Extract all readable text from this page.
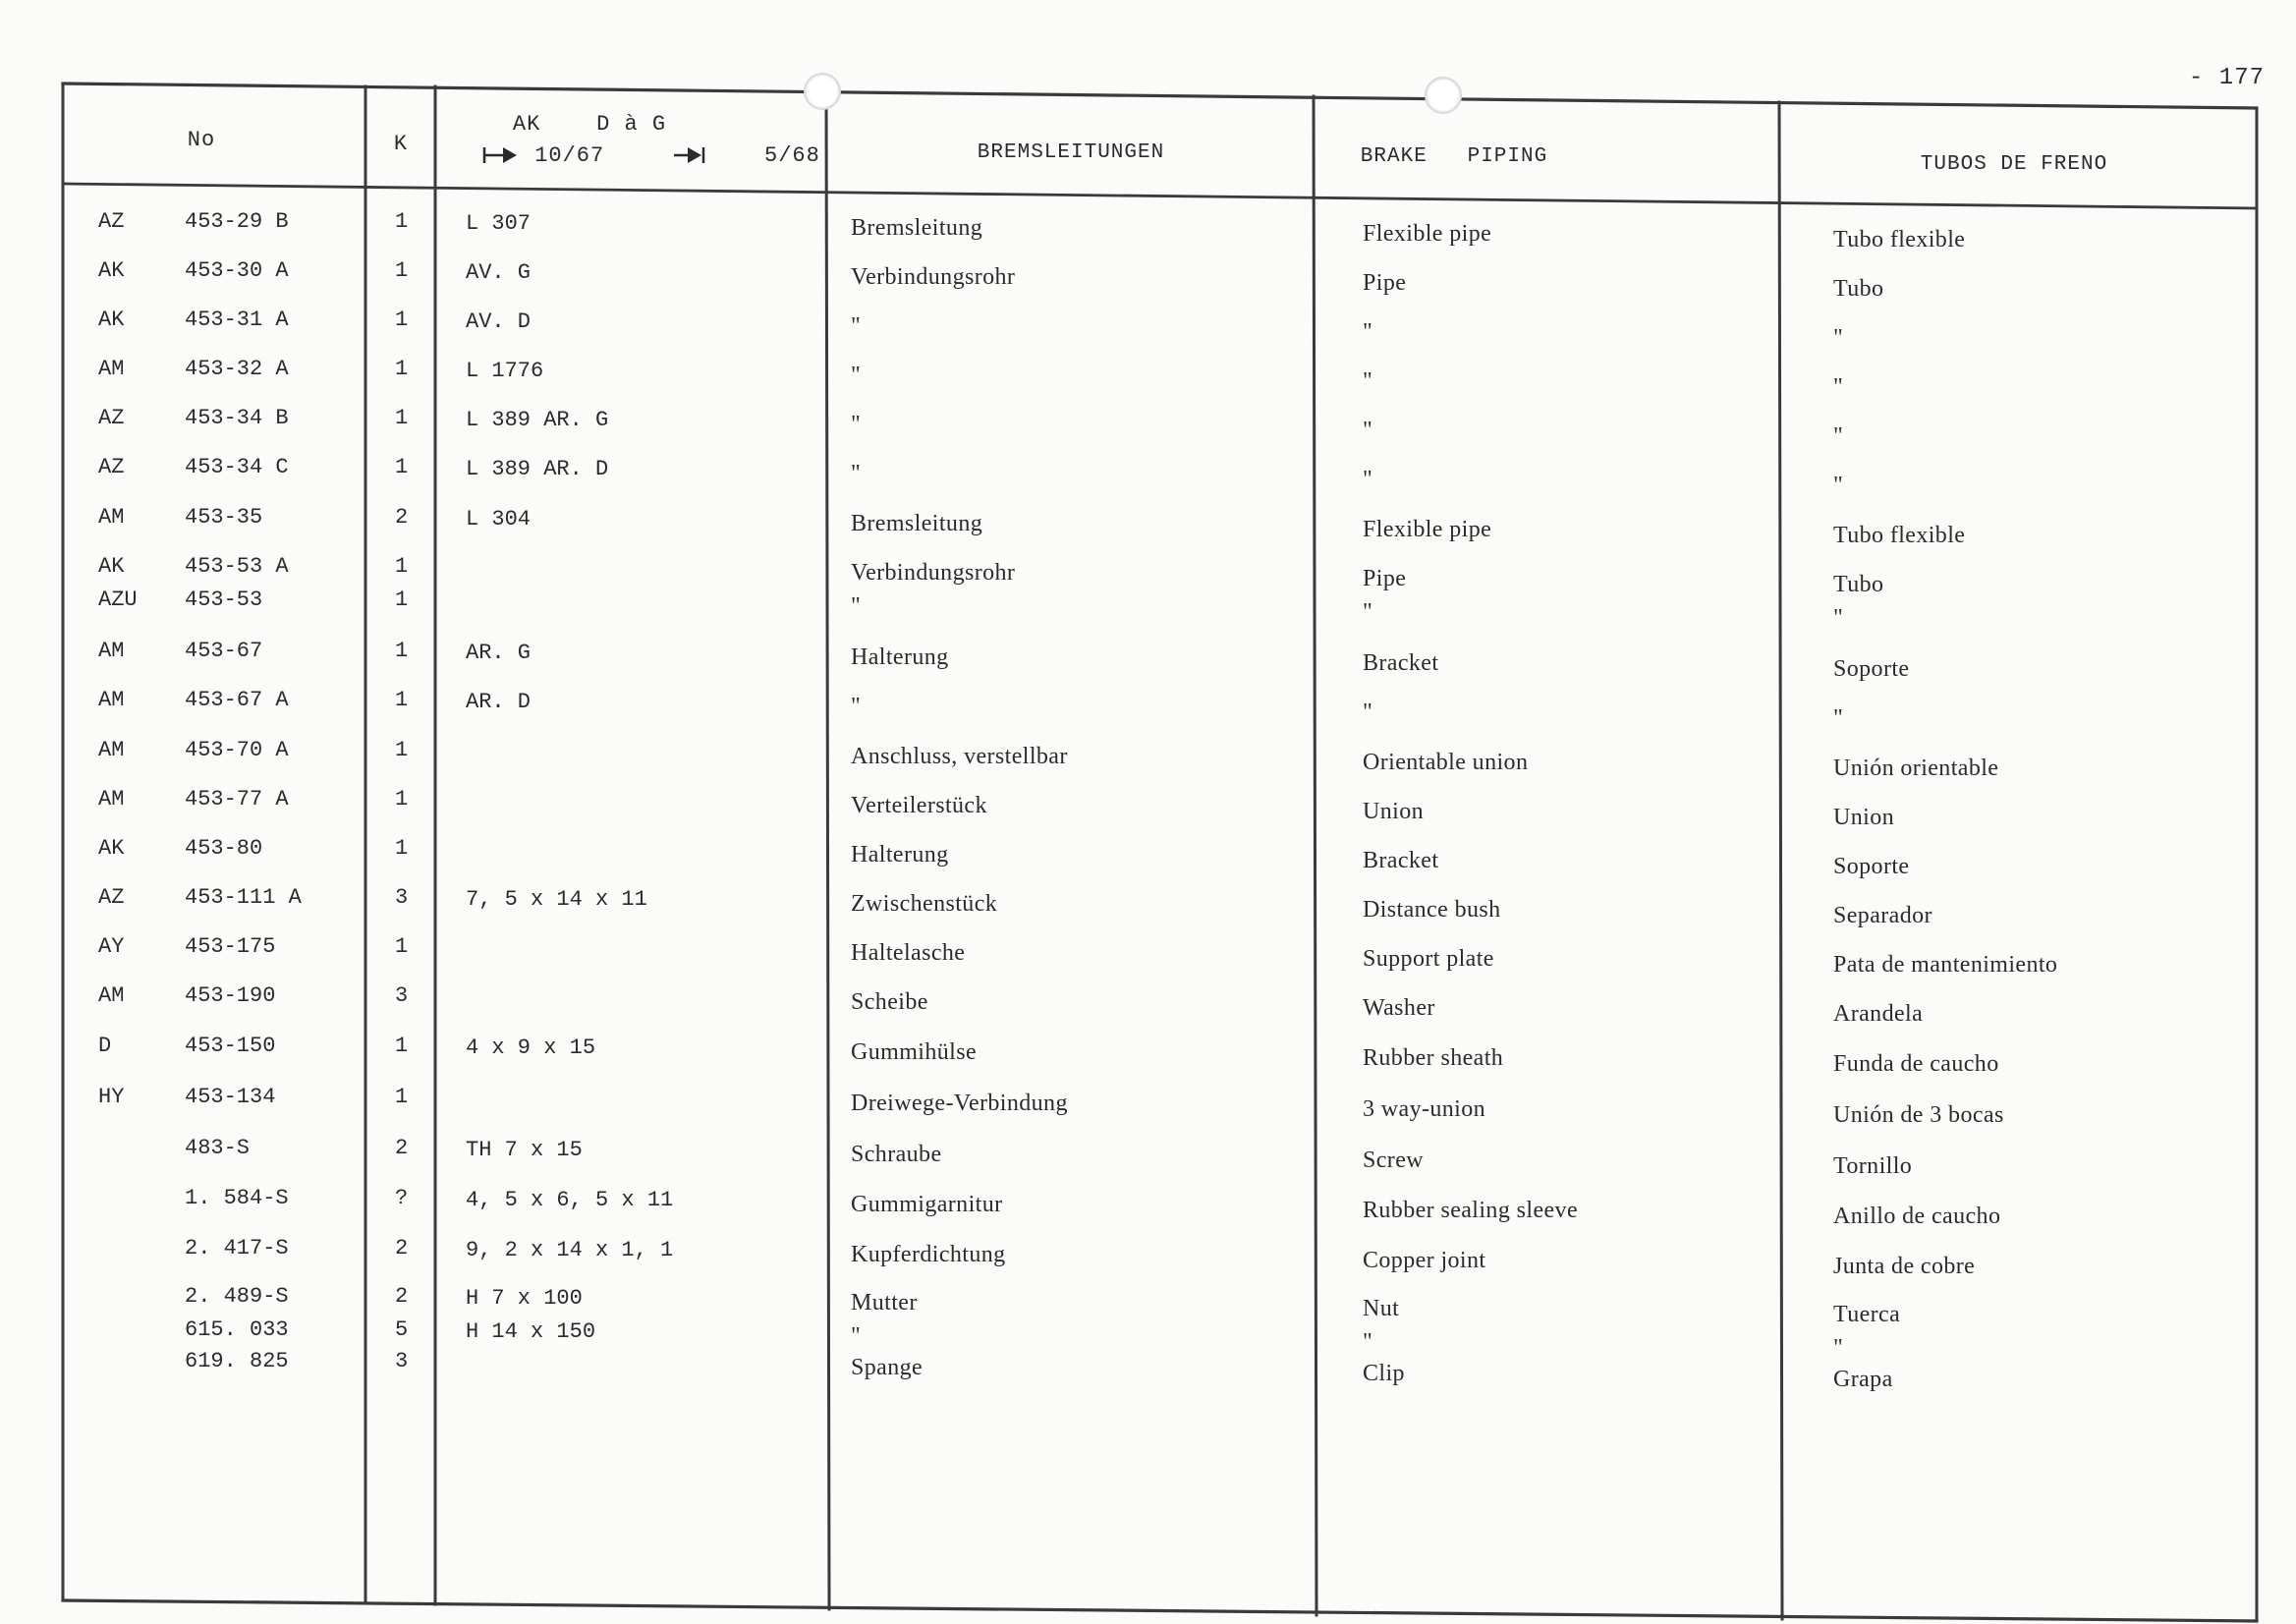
- 177
No	K
AK    D à G
10/67	5/68	BREMSLEITUNGEN	BRAKE   PIPING	TUBOS DE FRENO
AZ	453-29 B	1	L 307	Bremsleitung	Flexible pipe	Tubo flexible
AK	453-30 A	1	AV. G	Verbindungsrohr	Pipe	Tubo
AK	453-31 A	1	AV. D	"	"	"
AM	453-32 A	1	L 1776	"	"	"
AZ	453-34 B	1	L 389 AR. G	"	"	"
AZ	453-34 C	1	L 389 AR. D	"	"	"
AM	453-35	2	L 304	Bremsleitung	Flexible pipe	Tubo flexible
AK	453-53 A	1	Verbindungsrohr	Pipe	Tubo
AZU 453-53	1	"	"	"
AM	453-67	1	AR. G	Halterung	Bracket	Soporte
AM	453-67 A	1	AR. D	"	"	"
AM	453-70 A	1	Anschluss, verstellbar	Orientable union	Unión orientable
AM	453-77 A	1	Verteilerstück	Union	Union
AK	453-80	1	Halterung	Bracket	Soporte
AZ	453-111 A	3	7, 5 x 14 x 11	Zwischenstück	Distance bush	Separador
AY	453-175	1	Haltelasche	Support plate	Pata de mantenimiento
AM	453-190	3	Scheibe	Washer	Arandela
D	453-150	1	4 x 9 x 15	Gummihülse	Rubber sheath	Funda de caucho
HY	453-134	1	Dreiwege-Verbindung	3 way-union	Unión de 3 bocas
483-S	2	TH 7 x 15	Schraube	Screw	Tornillo
1. 584-S	?	4, 5 x 6, 5 x 11	Gummigarnitur	Rubber sealing sleeve	Anillo de caucho
2. 417-S	2	9, 2 x 14 x 1, 1	Kupferdichtung	Copper joint	Junta de cobre
2. 489-S	2	H 7 x 100	Mutter	Nut	Tuerca
615. 033	5	H 14 x 150	"	"	"
619. 825	3	Spange	Clip	Grapa
